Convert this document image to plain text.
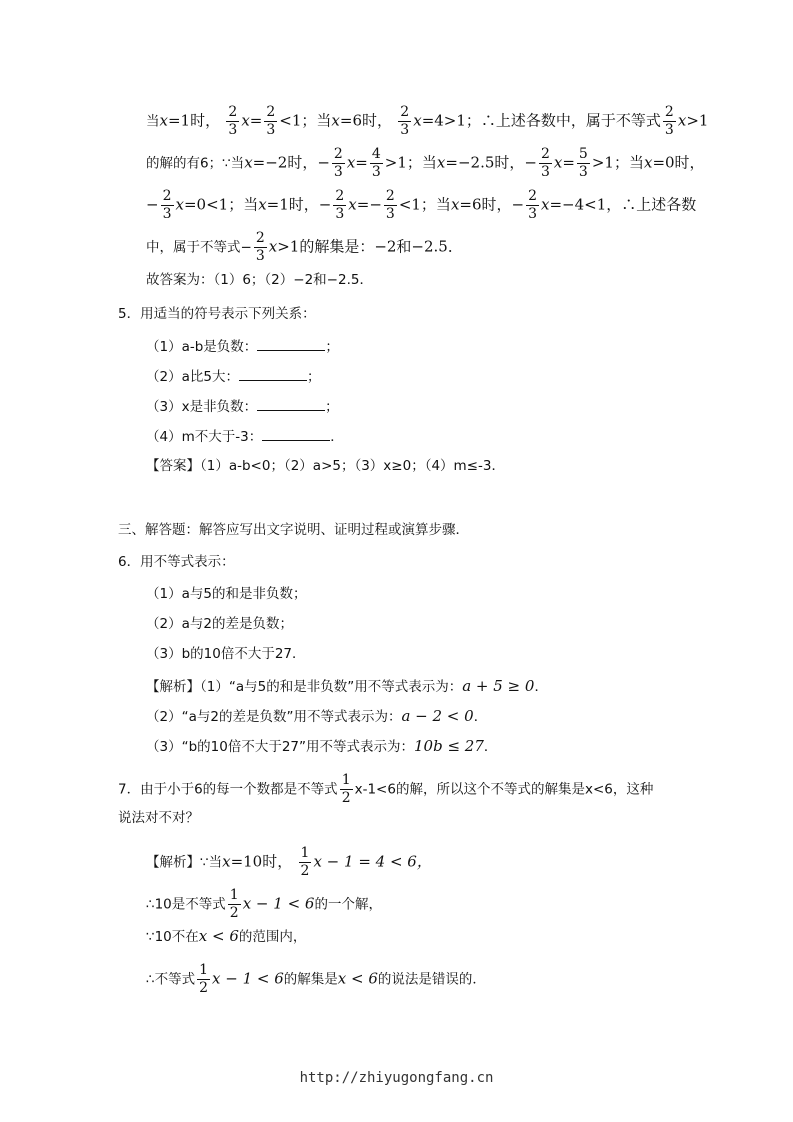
当x=1时， $\frac{2}{3} x= \frac{2}{3} <1$；当x=6时， $\frac{2}{3} x=4>1$；∴上述各数中，属于不等式 $\frac{2}{3} x>1$
的解的有6；∵当x=−2时，− $\frac{2}{3} x= \frac{4}{3} >1$；当x=−2.5时，− $\frac{2}{3} x= \frac{5}{3} >1$；当x=0时，
− $\frac{2}{3} x=0<1$；当x=1时，− $\frac{2}{3} x=- \frac{2}{3} <1$；当x=6时，− $\frac{2}{3} x=-4<1$，∴上述各数
中，属于不等式− $\frac{2}{3} x>1$的解集是：−2和−2.5．
故答案为：（1）6；（2）−2和−2.5．
5．用适当的符号表示下列关系：
（1）a-b是负数：	；
（2）a比5大：	；
（3）x是非负数：	；
（4）m不大于-3：	．
【答案】（1）a-b<0；（2）a>5；（3）x≥0；（4）m≤-3．
三、解答题：解答应写出文字说明、证明过程或演算步骤．
6．用不等式表示：
（1）a与5的和是非负数；
（2）a与2的差是负数；
（3）b的10倍不大于27．
【解析】（1）“a与5的和是非负数”用不等式表示为：a + 5 ≥ 0．
（2）“a与2的差是负数”用不等式表示为：a − 2 < 0．
（3）“b的10倍不大于27”用不等式表示为：10b ≤ 27．
7．由于小于6的每一个数都是不等式 $\frac{1}{2} x-1<6$的解，所以这个不等式的解集是x<6，这种
说法对不对？
【解析】∵当x=10时， $\frac{1}{2}$ x − 1 = 4 < 6，
∴10是不等式 $\frac{1}{2}$ x − 1 < 6的一个解，
∵10不在x < 6的范围内，
∴不等式 $\frac{1}{2}$ x − 1 < 6的解集是x < 6的说法是错误的．
http://zhiyugongfang.cn
